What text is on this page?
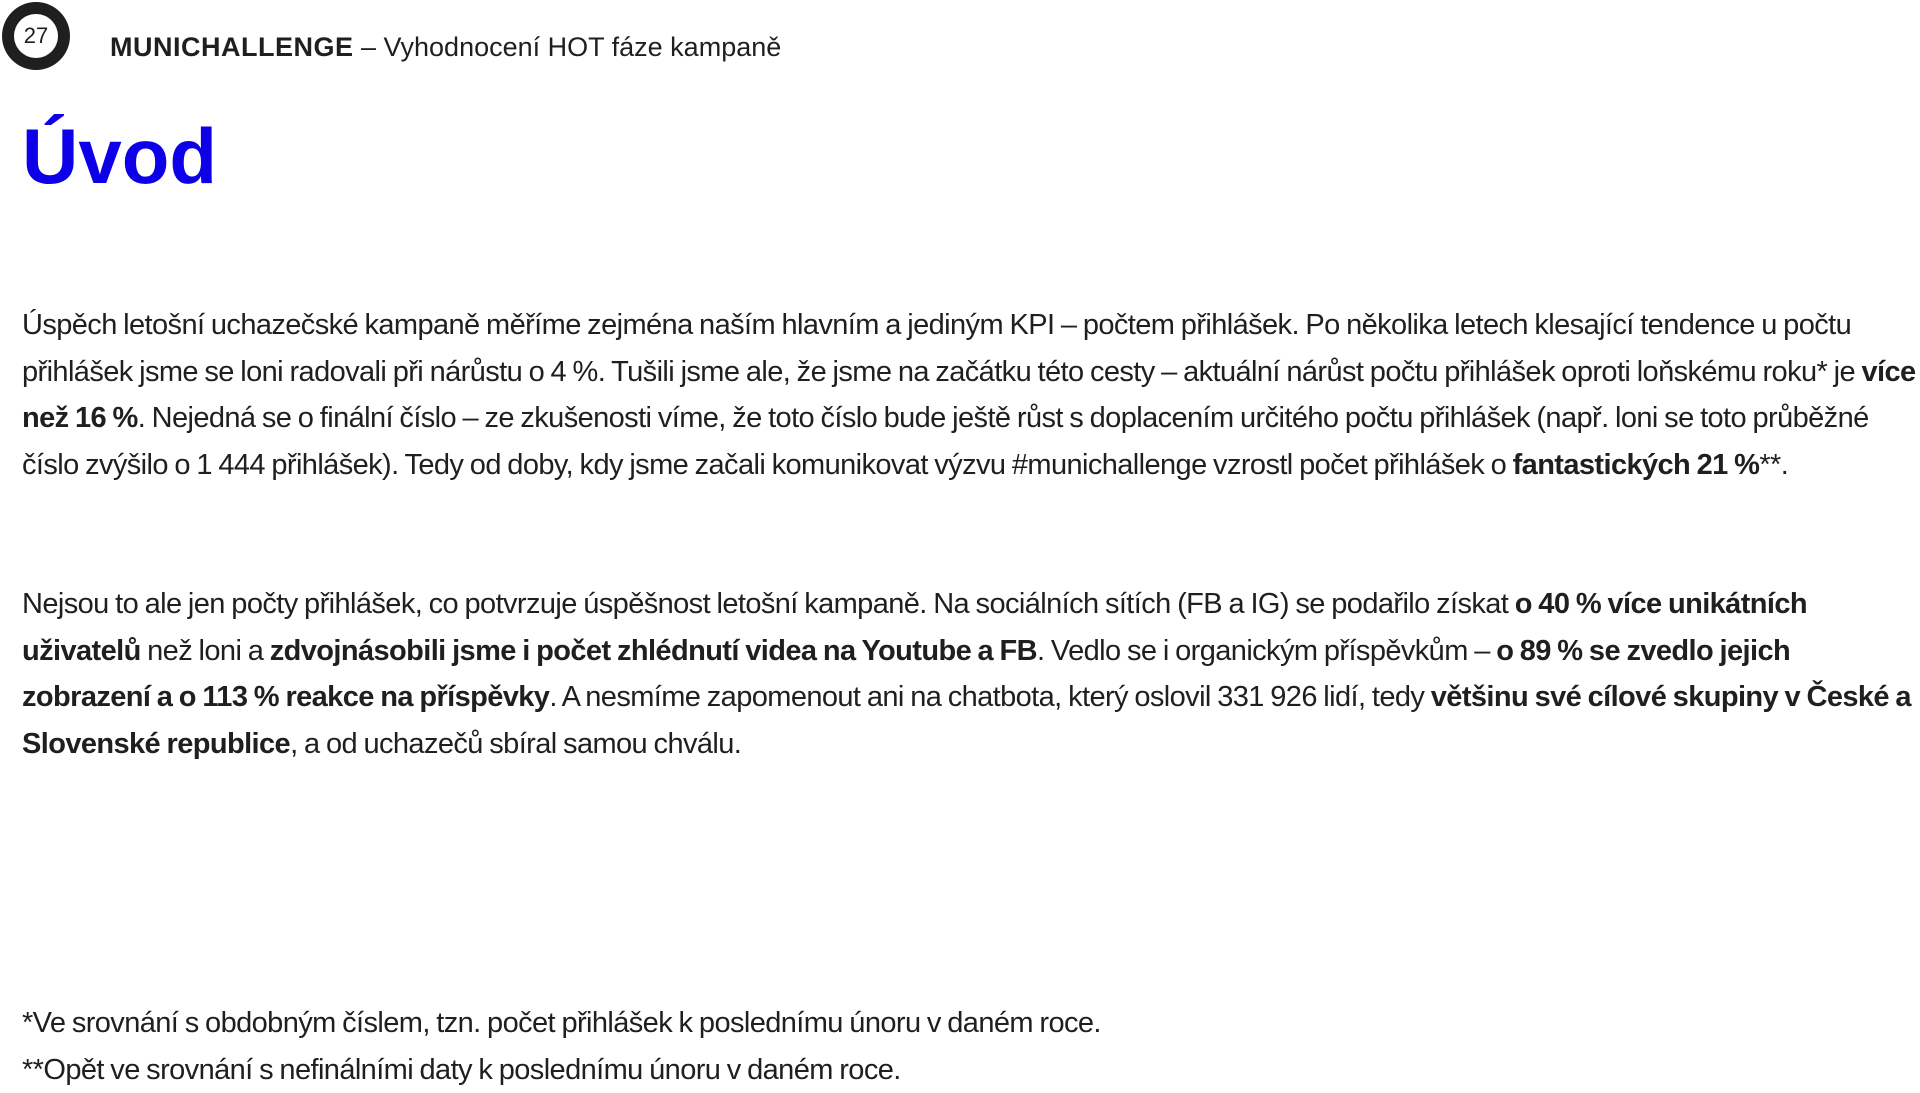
27	MUNICHALLENGE – Vyhodnocení HOT fáze kampaně
Úvod

Úspěch letošní uchazečské kampaně měříme zejména naším hlavním a jediným KPI – počtem přihlášek. Po několika letech klesající tendence u počtu přihlášek jsme se loni radovali při nárůstu o 4 %. Tušili jsme ale, že jsme na začátku této cesty – aktuální nárůst počtu přihlášek oproti loňskému roku* je více než 16 %. Nejedná se o finální číslo – ze zkušenosti víme, že toto číslo bude ještě růst s doplacením určitého počtu přihlášek (např. loni se toto průběžné číslo zvýšilo o 1 444 přihlášek). Tedy od doby, kdy jsme začali komunikovat výzvu #munichallenge vzrostl počet přihlášek o fantastických 21 %**.

Nejsou to ale jen počty přihlášek, co potvrzuje úspěšnost letošní kampaně. Na sociálních sítích (FB a IG) se podařilo získat o 40 % více unikátních uživatelů než loni a zdvojnásobili jsme i počet zhlédnutí videa na Youtube a FB. Vedlo se i organickým příspěvkům – o 89 % se zvedlo jejich zobrazení a o 113 % reakce na příspěvky. A nesmíme zapomenout ani na chatbota, který oslovil 331 926 lidí, tedy většinu své cílové skupiny v České a Slovenské republice, a od uchazečů sbíral samou chválu.

*Ve srovnání s obdobným číslem, tzn. počet přihlášek k poslednímu únoru v daném roce.
**Opět ve srovnání s nefinálními daty k poslednímu únoru v daném roce.
